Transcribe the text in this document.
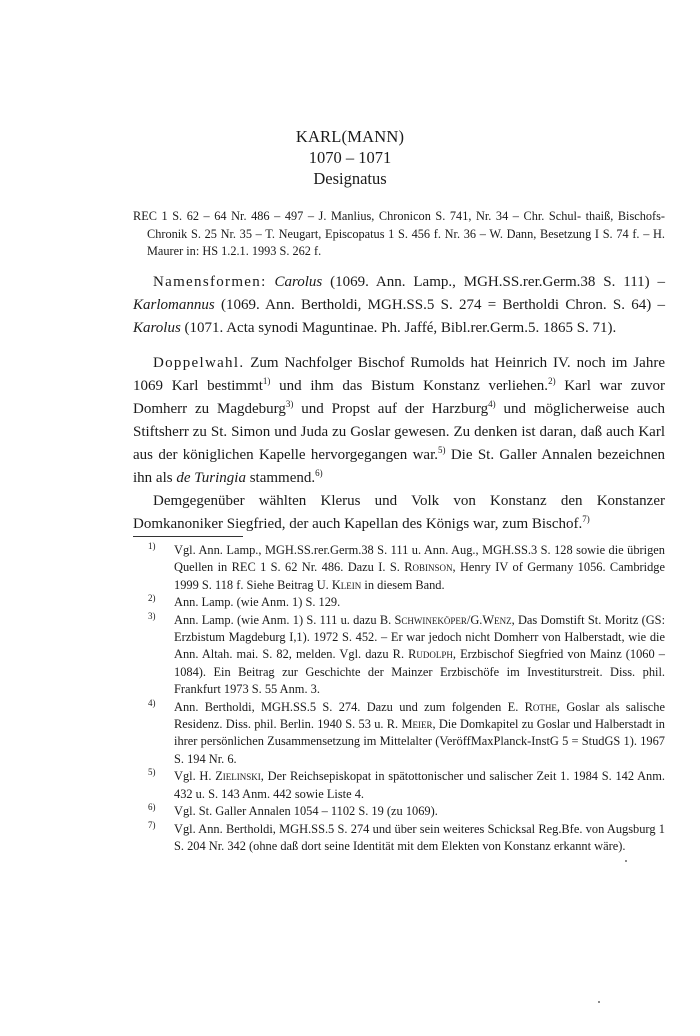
KARL(MANN)
1070 – 1071
Designatus

REC 1 S. 62 – 64 Nr. 486 – 497 – J. Manlius, Chronicon S. 741, Nr. 34 – Chr. Schul- thaiß, Bischofs-Chronik S. 25 Nr. 35 – T. Neugart, Episcopatus 1 S. 456 f. Nr. 36 – W. Dann, Besetzung I S. 74 f. – H. Maurer in: HS 1.2.1. 1993 S. 262 f.

Namensformen: Carolus (1069. Ann. Lamp., MGH.SS.rer.Germ.38 S. 111) – Karlomannus (1069. Ann. Bertholdi, MGH.SS.5 S. 274 = Bertholdi Chron. S. 64) – Karolus (1071. Acta synodi Maguntinae. Ph. Jaffé, Bibl.rer.Germ.5. 1865 S. 71).

Doppelwahl. Zum Nachfolger Bischof Rumolds hat Heinrich IV. noch im Jahre 1069 Karl bestimmt$^{1)}$ und ihm das Bistum Konstanz verliehen.$^{2)}$ Karl war zuvor Domherr zu Magdeburg$^{3)}$ und Propst auf der Harzburg$^{4)}$ und möglicherweise auch Stiftsherr zu St. Simon und Juda zu Goslar gewesen. Zu denken ist daran, daß auch Karl aus der königlichen Kapelle hervorgegangen war.$^{5)}$ Die St. Galler Annalen bezeichnen ihn als de Turingia stammend.$^{6)}$

Demgegenüber wählten Klerus und Volk von Konstanz den Konstanzer Domkanoniker Siegfried, der auch Kapellan des Königs war, zum Bischof.$^{7)}$

$^{1)}$ Vgl. Ann. Lamp., MGH.SS.rer.Germ.38 S. 111 u. Ann. Aug., MGH.SS.3 S. 128 sowie die übrigen Quellen in REC 1 S. 62 Nr. 486. Dazu I. S. Robinson, Henry IV of Germany 1056. Cambridge 1999 S. 118 f. Siehe Beitrag U. Klein in diesem Band.

$^{2)}$ Ann. Lamp. (wie Anm. 1) S. 129.

$^{3)}$ Ann. Lamp. (wie Anm. 1) S. 111 u. dazu B. Schwineköper/G.Wenz, Das Domstift St. Moritz (GS: Erzbistum Magdeburg I,1). 1972 S. 452. – Er war jedoch nicht Domherr von Halberstadt, wie die Ann. Altah. mai. S. 82, melden. Vgl. dazu R. Rudolph, Erzbischof Siegfried von Mainz (1060 – 1084). Ein Beitrag zur Geschichte der Mainzer Erzbischöfe im Investiturstreit. Diss. phil. Frankfurt 1973 S. 55 Anm. 3.

$^{4)}$ Ann. Bertholdi, MGH.SS.5 S. 274. Dazu und zum folgenden E. Rothe, Goslar als salische Residenz. Diss. phil. Berlin. 1940 S. 53 u. R. Meier, Die Domkapitel zu Goslar und Halberstadt in ihrer persönlichen Zusammensetzung im Mittelalter (VeröffMaxPlanck-InstG 5 = StudGS 1). 1967 S. 194 Nr. 6.

$^{5)}$ Vgl. H. Zielinski, Der Reichsepiskopat in spätottonischer und salischer Zeit 1. 1984 S. 142 Anm. 432 u. S. 143 Anm. 442 sowie Liste 4.

$^{6)}$ Vgl. St. Galler Annalen 1054 – 1102 S. 19 (zu 1069).

$^{7)}$ Vgl. Ann. Bertholdi, MGH.SS.5 S. 274 und über sein weiteres Schicksal Reg.Bfe. von Augsburg 1 S. 204 Nr. 342 (ohne daß dort seine Identität mit dem Elekten von Konstanz erkannt wäre).
